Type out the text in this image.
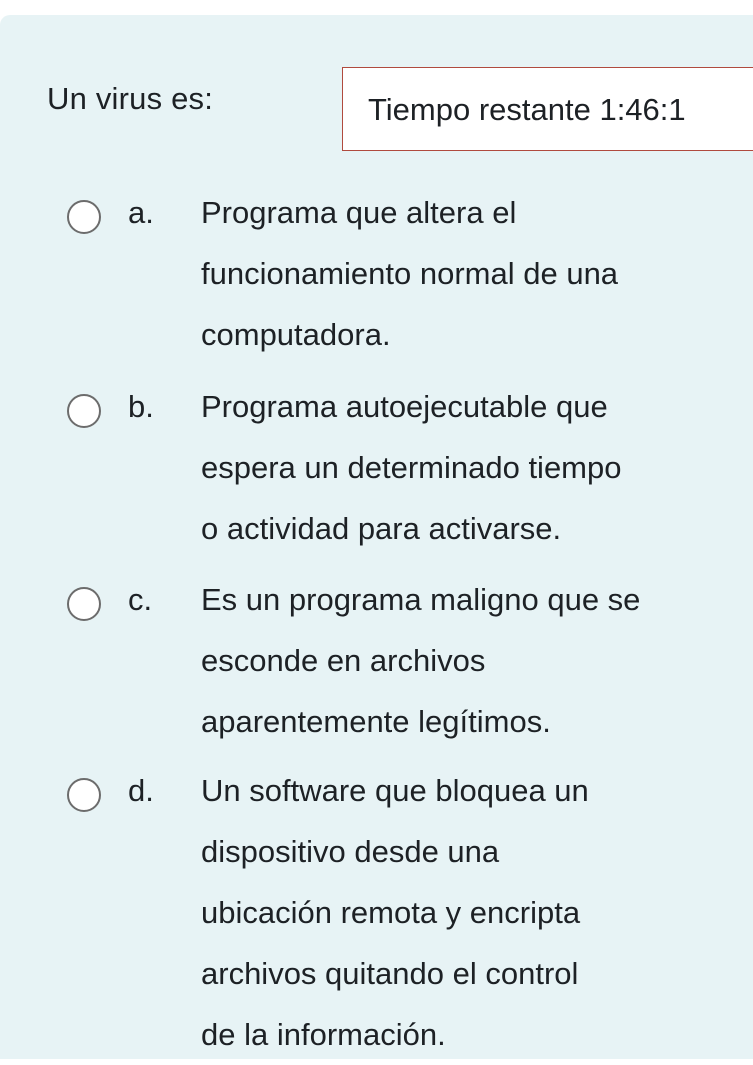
Un virus es:	Tiempo restante 1:46:1
a. Programa que altera el
funcionamiento normal de una
computadora.
b. Programa autoejecutable que
espera un determinado tiempo
o actividad para activarse.
c. Es un programa maligno que se
esconde en archivos
aparentemente legítimos.
d. Un software que bloquea un
dispositivo desde una
ubicación remota y encripta
archivos quitando el control
de la información.
